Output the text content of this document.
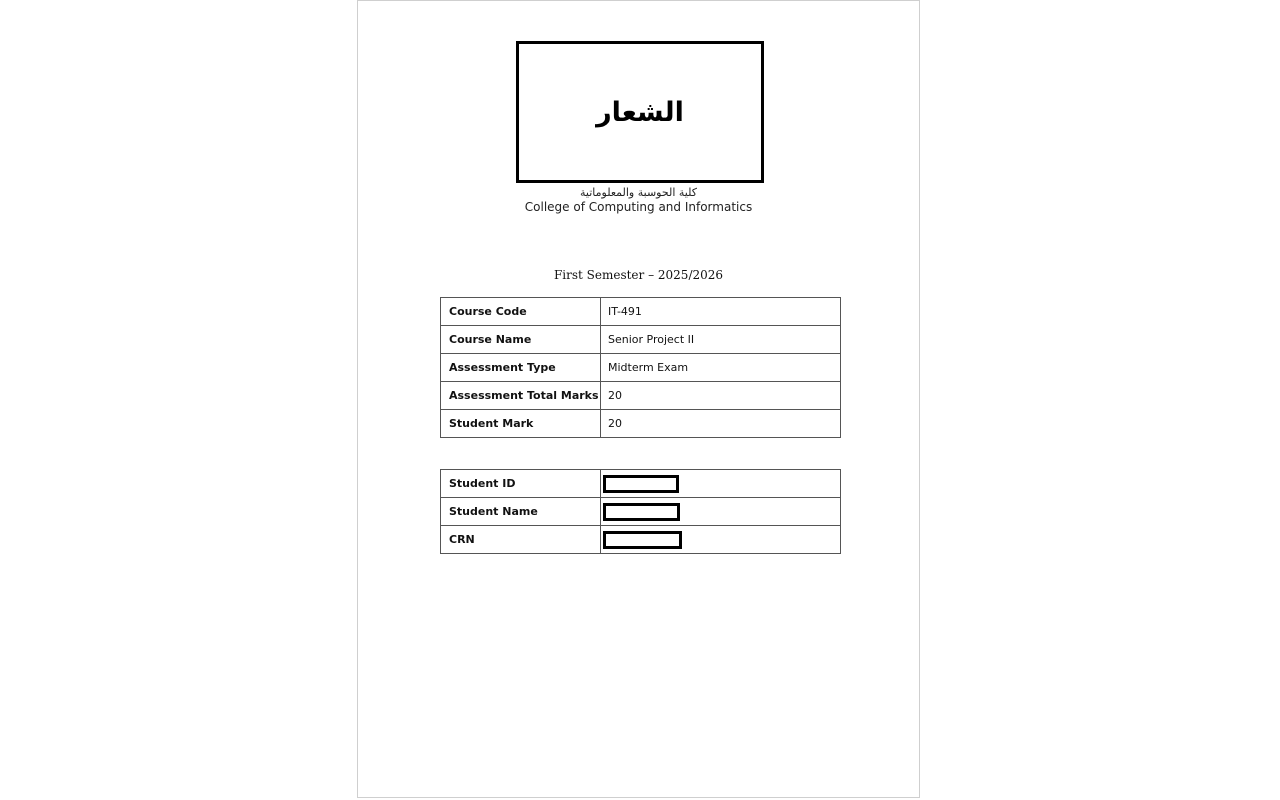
الشعار
كلية الحوسبة والمعلوماتية
College of Computing and Informatics
First Semester – 2025/2026
Course Code	IT-491
Course Name	Senior Project II
Assessment Type	Midterm Exam
Assessment Total Marks	20
Student Mark	20
Student ID	
Student Name	
CRN	
